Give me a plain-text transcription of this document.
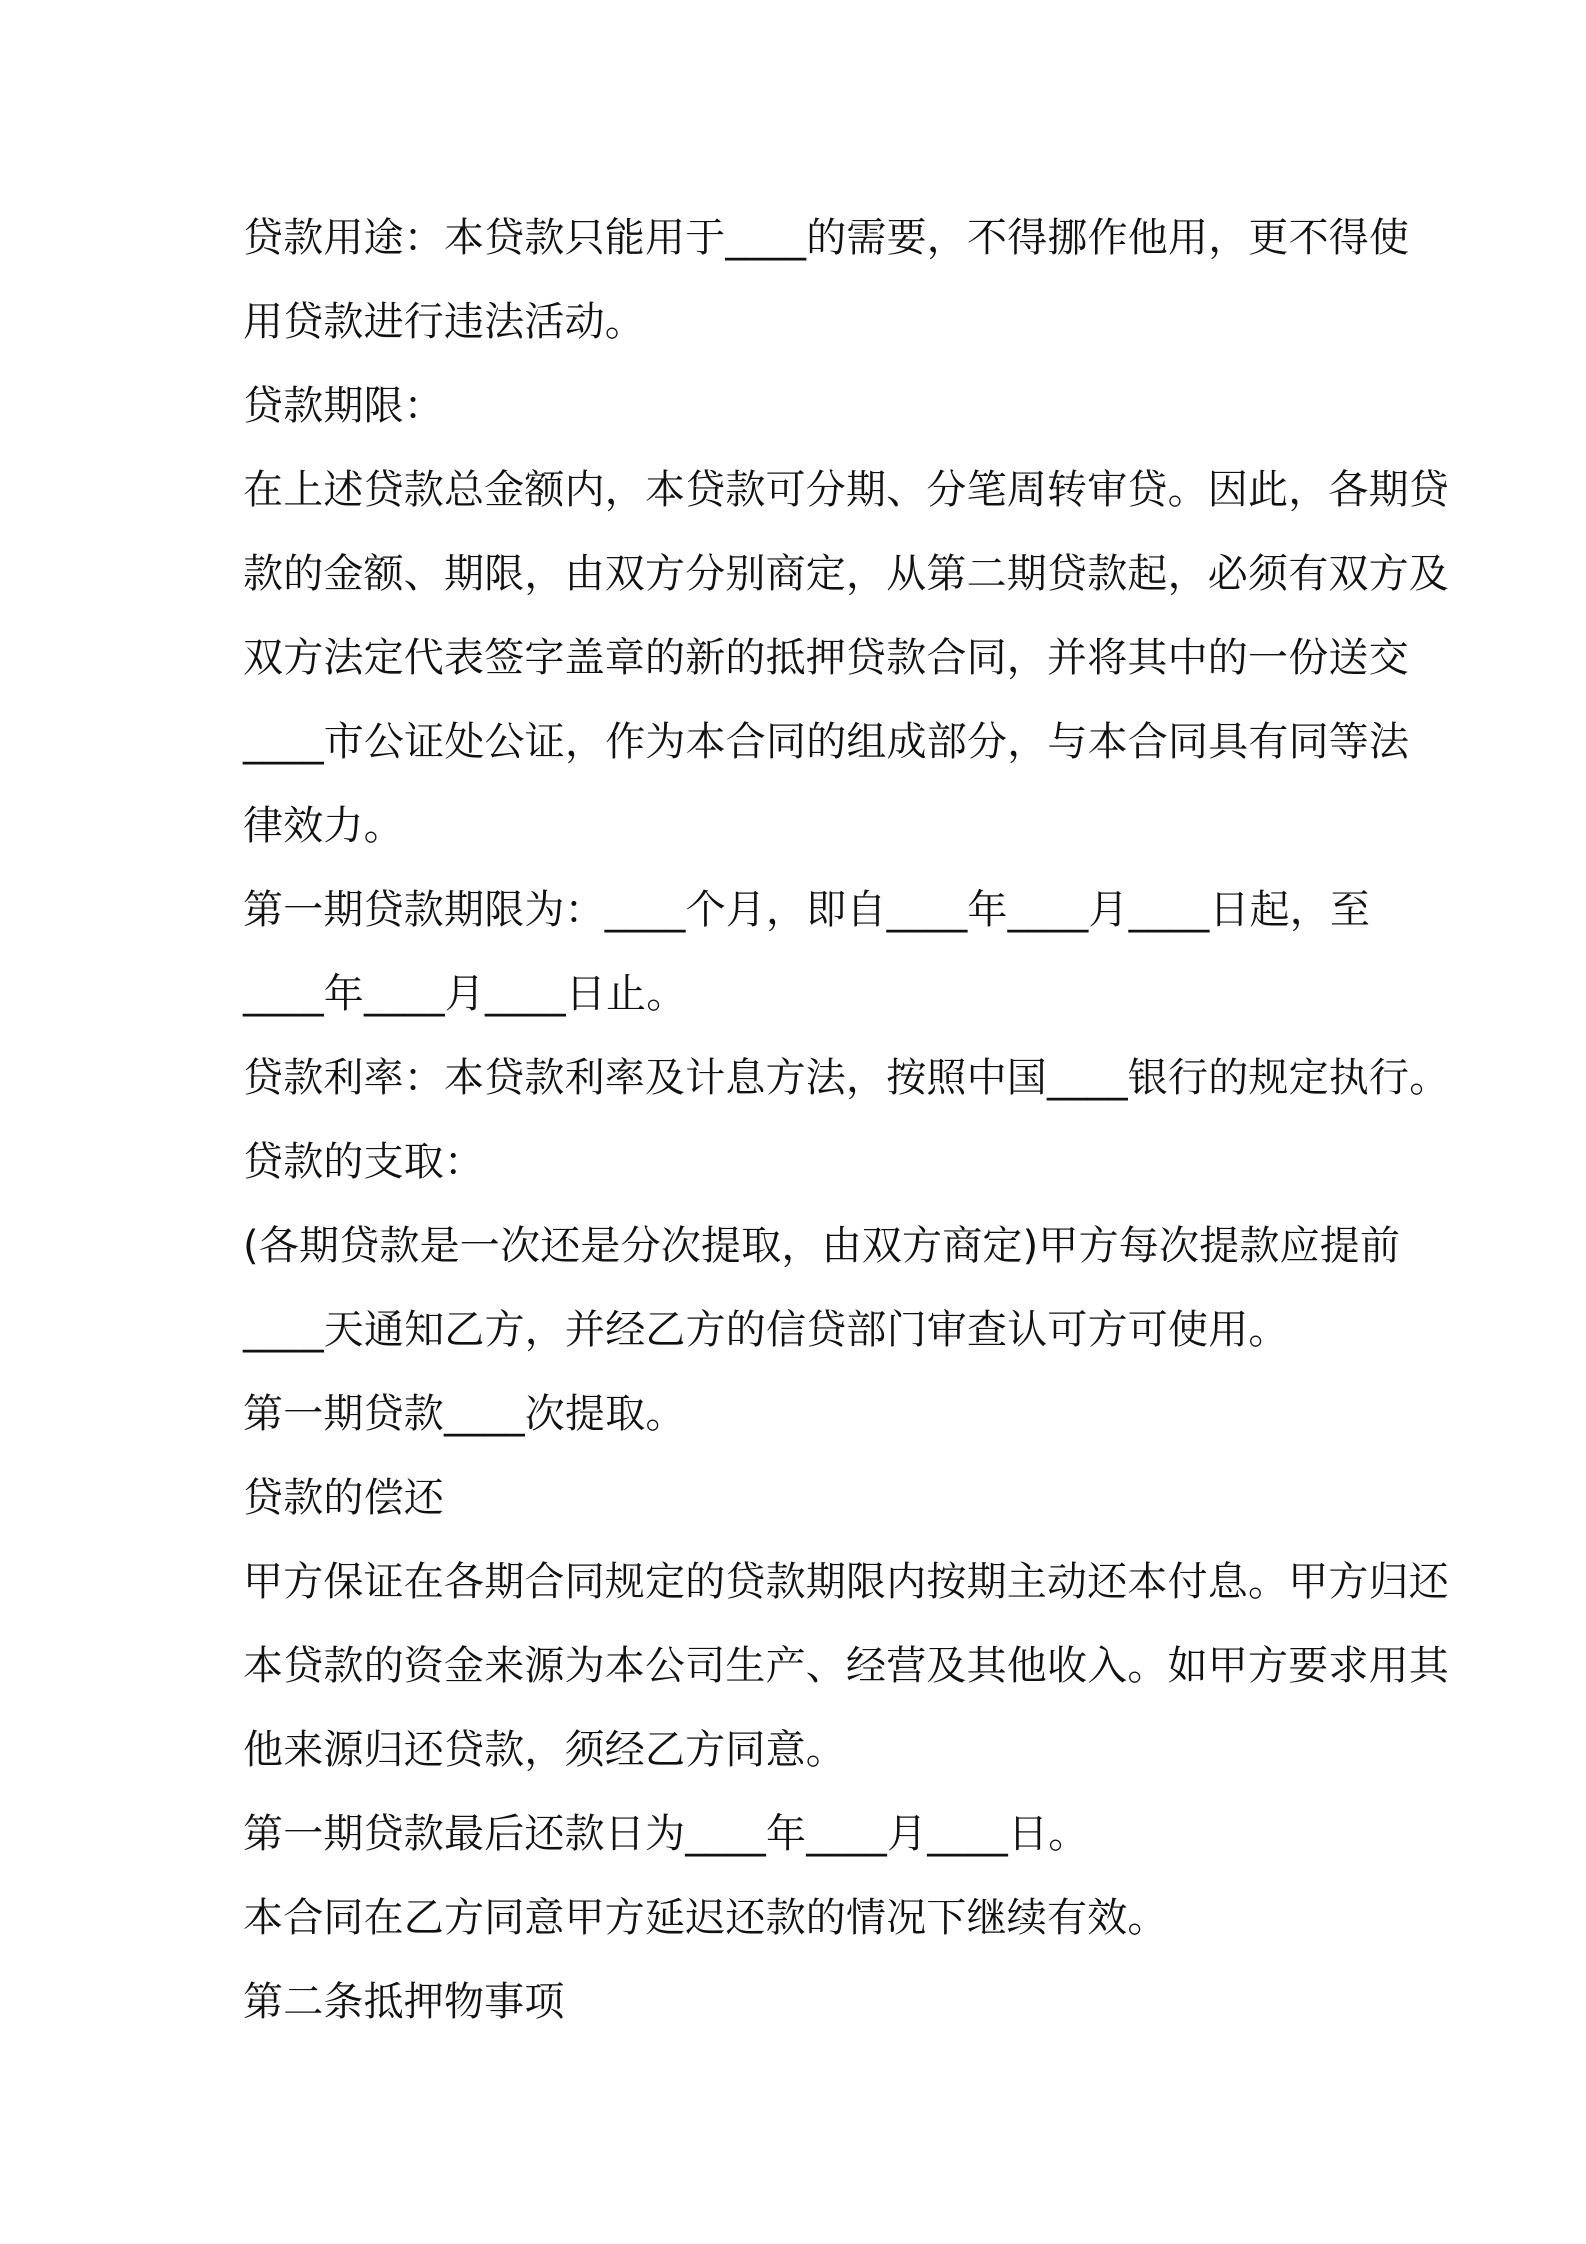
贷款用途：本贷款只能用于____的需要，不得挪作他用，更不得使
用贷款进行违法活动。
贷款期限：
在上述贷款总金额内，本贷款可分期、分笔周转审贷。因此，各期贷
款的金额、期限，由双方分别商定，从第二期贷款起，必须有双方及
双方法定代表签字盖章的新的抵押贷款合同，并将其中的一份送交
____市公证处公证，作为本合同的组成部分，与本合同具有同等法
律效力。
第一期贷款期限为：____个月，即自____年____月____日起，至
____年____月____日止。
贷款利率：本贷款利率及计息方法，按照中国____银行的规定执行。
贷款的支取：
(各期贷款是一次还是分次提取，由双方商定)甲方每次提款应提前
____天通知乙方，并经乙方的信贷部门审查认可方可使用。
第一期贷款____次提取。
贷款的偿还
甲方保证在各期合同规定的贷款期限内按期主动还本付息。甲方归还
本贷款的资金来源为本公司生产、经营及其他收入。如甲方要求用其
他来源归还贷款，须经乙方同意。
第一期贷款最后还款日为____年____月____日。
本合同在乙方同意甲方延迟还款的情况下继续有效。
第二条抵押物事项
